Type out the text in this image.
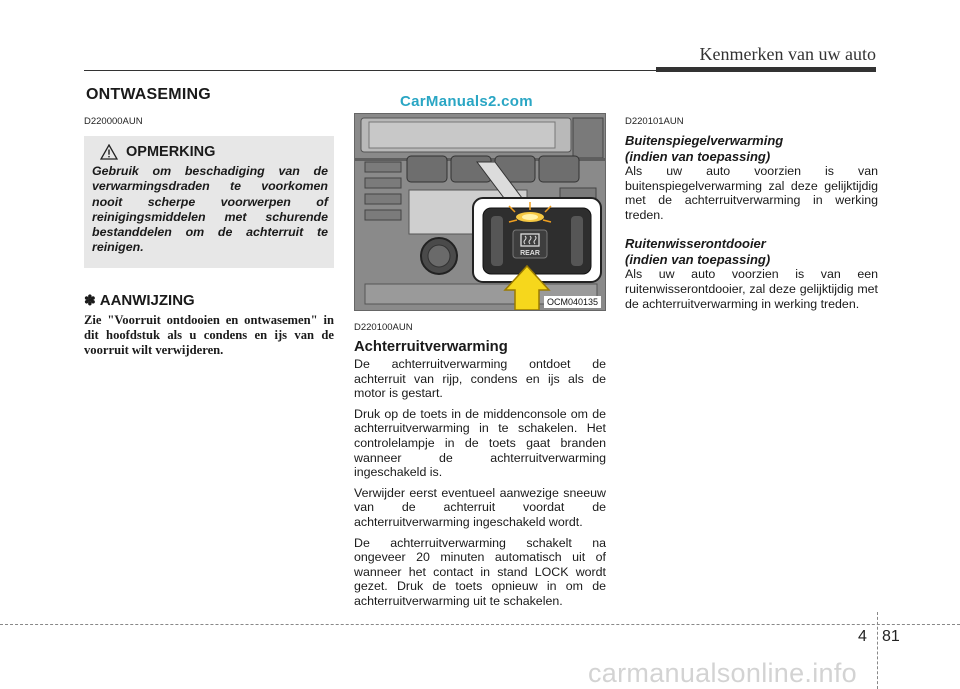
Kenmerken van uw auto
ONTWASEMING
D220000AUN
OPMERKING
Gebruik om beschadiging van de verwarmingsdraden te voorkomen nooit scherpe voorwerpen of reinigingsmiddelen met schurende bestanddelen om de achterruit te reinigen.
✽ AANWIJZING
Zie "Voorruit ontdooien en ontwasemen" in dit hoofdstuk als u condens en ijs van de voorruit wilt verwijderen.
REAR
OCM040135
D220100AUN
Achterruitverwarming
De achterruitverwarming ontdoet de achterruit van rijp, condens en ijs als de motor is gestart.
Druk op de toets in de middenconsole om de achterruitverwarming in te schakelen. Het controlelampje in de toets gaat branden wanneer de achterruitverwarming ingeschakeld is.
Verwijder eerst eventueel aanwezige sneeuw van de achterruit voordat de achterruitverwarming ingeschakeld wordt.
De achterruitverwarming schakelt na ongeveer 20 minuten automatisch uit of wanneer het contact in stand LOCK wordt gezet. Druk de toets opnieuw in om de achterruitverwarming uit te schakelen.
CarManuals2.com
D220101AUN
Buitenspiegelverwarming
(indien van toepassing)
Als uw auto voorzien is van buitenspiegelverwarming zal deze gelijktijdig met de achterruitverwarming in werking treden.
Ruitenwisserontdooier
(indien van toepassing)
Als uw auto voorzien is van een ruitenwisserontdooier, zal deze gelijktijdig met de achterruitverwarming in werking treden.
4 81
carmanualsonline.info
